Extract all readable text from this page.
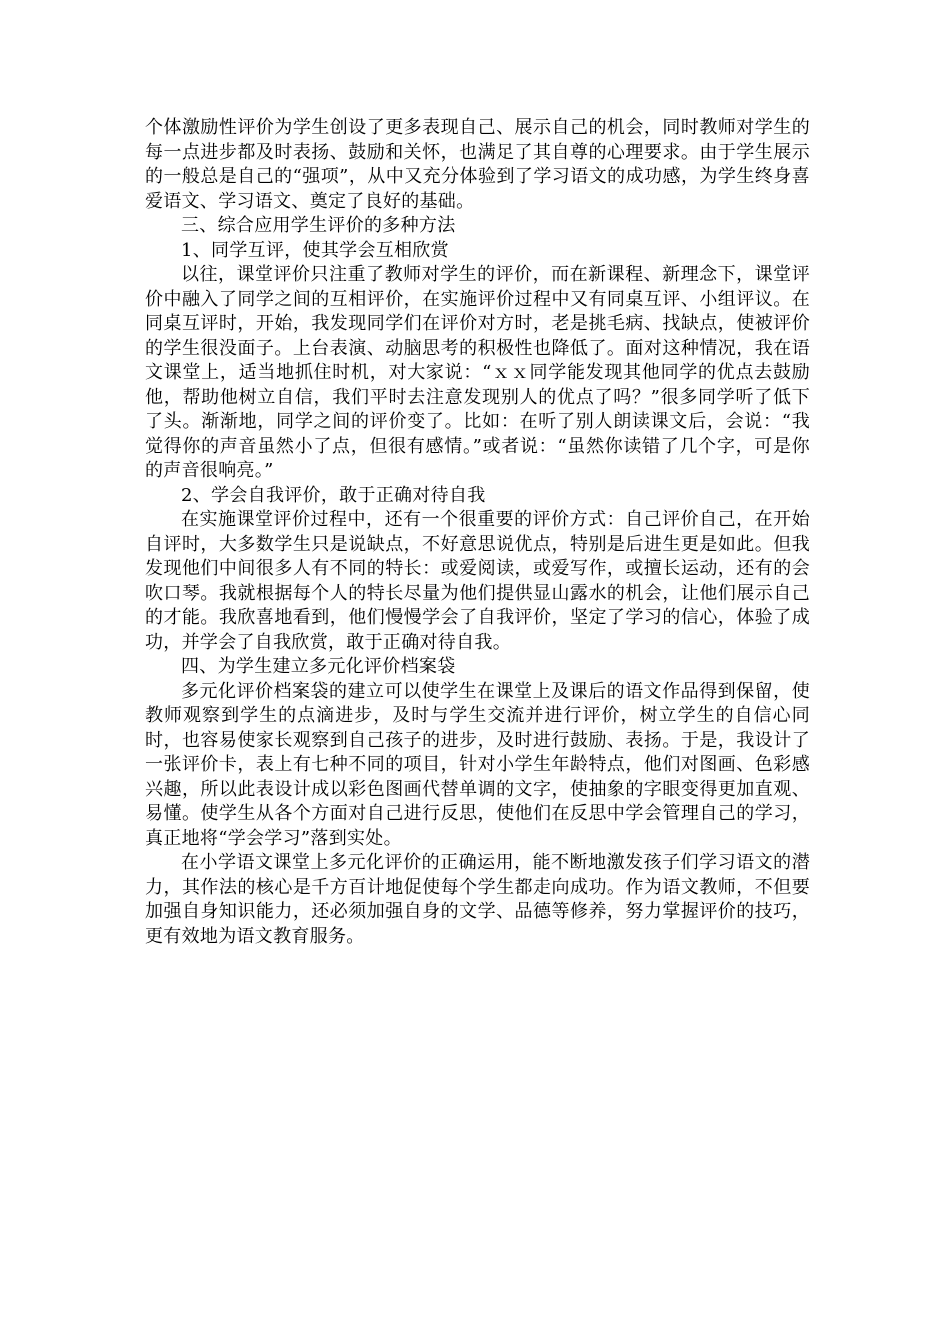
个体激励性评价为学生创设了更多表现自己、展示自己的机会，同时教师对学生的每一点进步都及时表扬、鼓励和关怀，也满足了其自尊的心理要求。由于学生展示的一般总是自己的“强项”，从中又充分体验到了学习语文的成功感，为学生终身喜爱语文、学习语文、奠定了良好的基础。

三、综合应用学生评价的多种方法

1、同学互评，使其学会互相欣赏

以往，课堂评价只注重了教师对学生的评价，而在新课程、新理念下，课堂评价中融入了同学之间的互相评价，在实施评价过程中又有同桌互评、小组评议。在同桌互评时，开始，我发现同学们在评价对方时，老是挑毛病、找缺点，使被评价的学生很没面子。上台表演、动脑思考的积极性也降低了。面对这种情况，我在语文课堂上，适当地抓住时机，对大家说：“ｘｘ同学能发现其他同学的优点去鼓励他，帮助他树立自信，我们平时去注意发现别人的优点了吗？”很多同学听了低下了头。渐渐地，同学之间的评价变了。比如：在听了别人朗读课文后，会说：“我觉得你的声音虽然小了点，但很有感情。”或者说：“虽然你读错了几个字，可是你的声音很响亮。”

2、学会自我评价，敢于正确对待自我

在实施课堂评价过程中，还有一个很重要的评价方式：自己评价自己，在开始自评时，大多数学生只是说缺点，不好意思说优点，特别是后进生更是如此。但我发现他们中间很多人有不同的特长：或爱阅读，或爱写作，或擅长运动，还有的会吹口琴。我就根据每个人的特长尽量为他们提供显山露水的机会，让他们展示自己的才能。我欣喜地看到，他们慢慢学会了自我评价，坚定了学习的信心，体验了成功，并学会了自我欣赏，敢于正确对待自我。

四、为学生建立多元化评价档案袋

多元化评价档案袋的建立可以使学生在课堂上及课后的语文作品得到保留，使教师观察到学生的点滴进步，及时与学生交流并进行评价，树立学生的自信心同时，也容易使家长观察到自己孩子的进步，及时进行鼓励、表扬。于是，我设计了一张评价卡，表上有七种不同的项目，针对小学生年龄特点，他们对图画、色彩感兴趣，所以此表设计成以彩色图画代替单调的文字，使抽象的字眼变得更加直观、易懂。使学生从各个方面对自己进行反思，使他们在反思中学会管理自己的学习，真正地将“学会学习”落到实处。

在小学语文课堂上多元化评价的正确运用，能不断地激发孩子们学习语文的潜力，其作法的核心是千方百计地促使每个学生都走向成功。作为语文教师，不但要加强自身知识能力，还必须加强自身的文学、品德等修养，努力掌握评价的技巧，更有效地为语文教育服务。
